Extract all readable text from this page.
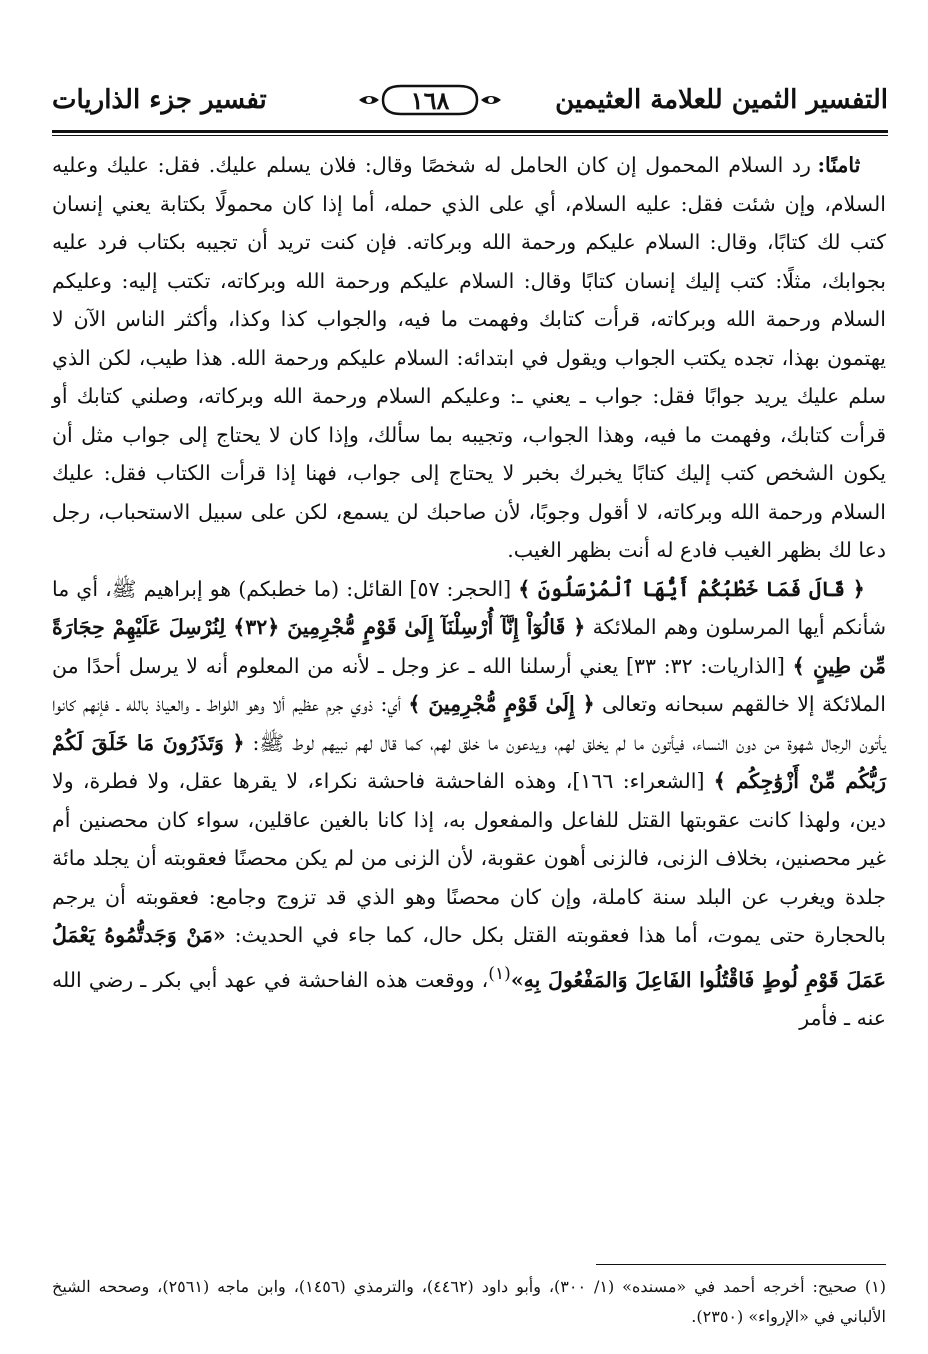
التفسير الثمين للعلامة العثيمين
١٦٨
تفسير جزء الذاريات

ثامنًا: رد السلام المحمول إن كان الحامل له شخصًا وقال: فلان يسلم عليك. فقل: عليك وعليه السلام، وإن شئت فقل: عليه السلام، أي على الذي حمله، أما إذا كان محمولًا بكتابة يعني إنسان كتب لك كتابًا، وقال: السلام عليكم ورحمة الله وبركاته. فإن كنت تريد أن تجيبه بكتاب فرد عليه بجوابك، مثلًا: كتب إليك إنسان كتابًا وقال: السلام عليكم ورحمة الله وبركاته، تكتب إليه: وعليكم السلام ورحمة الله وبركاته، قرأت كتابك وفهمت ما فيه، والجواب كذا وكذا، وأكثر الناس الآن لا يهتمون بهذا، تجده يكتب الجواب ويقول في ابتدائه: السلام عليكم ورحمة الله. هذا طيب، لكن الذي سلم عليك يريد جوابًا فقل: جواب ـ يعني ـ: وعليكم السلام ورحمة الله وبركاته، وصلني كتابك أو قرأت كتابك، وفهمت ما فيه، وهذا الجواب، وتجيبه بما سألك، وإذا كان لا يحتاج إلى جواب مثل أن يكون الشخص كتب إليك كتابًا يخبرك بخبر لا يحتاج إلى جواب، فهنا إذا قرأت الكتاب فقل: عليك السلام ورحمة الله وبركاته، لا أقول وجوبًا، لأن صاحبك لن يسمع، لكن على سبيل الاستحباب، رجل دعا لك بظهر الغيب فادع له أنت بظهر الغيب.

﴿ قَالَ فَمَا خَطْبُكُمْ أَيُّهَا ٱلْمُرْسَلُونَ ﴾ [الحجر: ٥٧] القائل: (ما خطبكم) هو إبراهيم ﷺ، أي ما شأنكم أيها المرسلون وهم الملائكة ﴿ قَالُوٓاْ إِنَّآ أُرْسِلْنَآ إِلَىٰ قَوْمٍ مُّجْرِمِينَ ﴿٣٢﴾ لِنُرْسِلَ عَلَيْهِمْ حِجَارَةً مِّن طِينٍ ﴾ [الذاريات: ٣٢: ٣٣] يعني أرسلنا الله ـ عز وجل ـ لأنه من المعلوم أنه لا يرسل أحدًا من الملائكة إلا خالقهم سبحانه وتعالى ﴿ إِلَىٰ قَوْمٍ مُّجْرِمِينَ ﴾ أي: ذوي جرم عظيم ألا وهو اللواط ـ والعياذ بالله ـ فإنهم كانوا يأتون الرجال شهوة من دون النساء، فيأتون ما لم يخلق لهم، ويدعون ما خلق لهم، كما قال لهم نبيهم لوط ﷺ: ﴿ وَتَذَرُونَ مَا خَلَقَ لَكُمْ رَبُّكُم مِّنْ أَزْوَٰجِكُم ﴾ [الشعراء: ١٦٦]، وهذه الفاحشة فاحشة نكراء، لا يقرها عقل، ولا فطرة، ولا دين، ولهذا كانت عقوبتها القتل للفاعل والمفعول به، إذا كانا بالغين عاقلين، سواء كان محصنين أم غير محصنين، بخلاف الزنى، فالزنى أهون عقوبة، لأن الزنى من لم يكن محصنًا فعقوبته أن يجلد مائة جلدة ويغرب عن البلد سنة كاملة، وإن كان محصنًا وهو الذي قد تزوج وجامع: فعقوبته أن يرجم بالحجارة حتى يموت، أما هذا فعقوبته القتل بكل حال، كما جاء في الحديث: «مَنْ وَجَدتُّمُوهُ يَعْمَلُ عَمَلَ قَوْمِ لُوطٍ فَاقْتُلُوا الفَاعِلَ وَالمَفْعُولَ بِهِ»$^{(١)}$، ووقعت هذه الفاحشة في عهد أبي بكر ـ رضي الله عنه ـ فأمر

(١) صحيح: أخرجه أحمد في «مسنده» (١/ ٣٠٠)، وأبو داود (٤٤٦٢)، والترمذي (١٤٥٦)، وابن ماجه (٢٥٦١)، وصححه الشيخ الألباني في «الإرواء» (٢٣٥٠).
